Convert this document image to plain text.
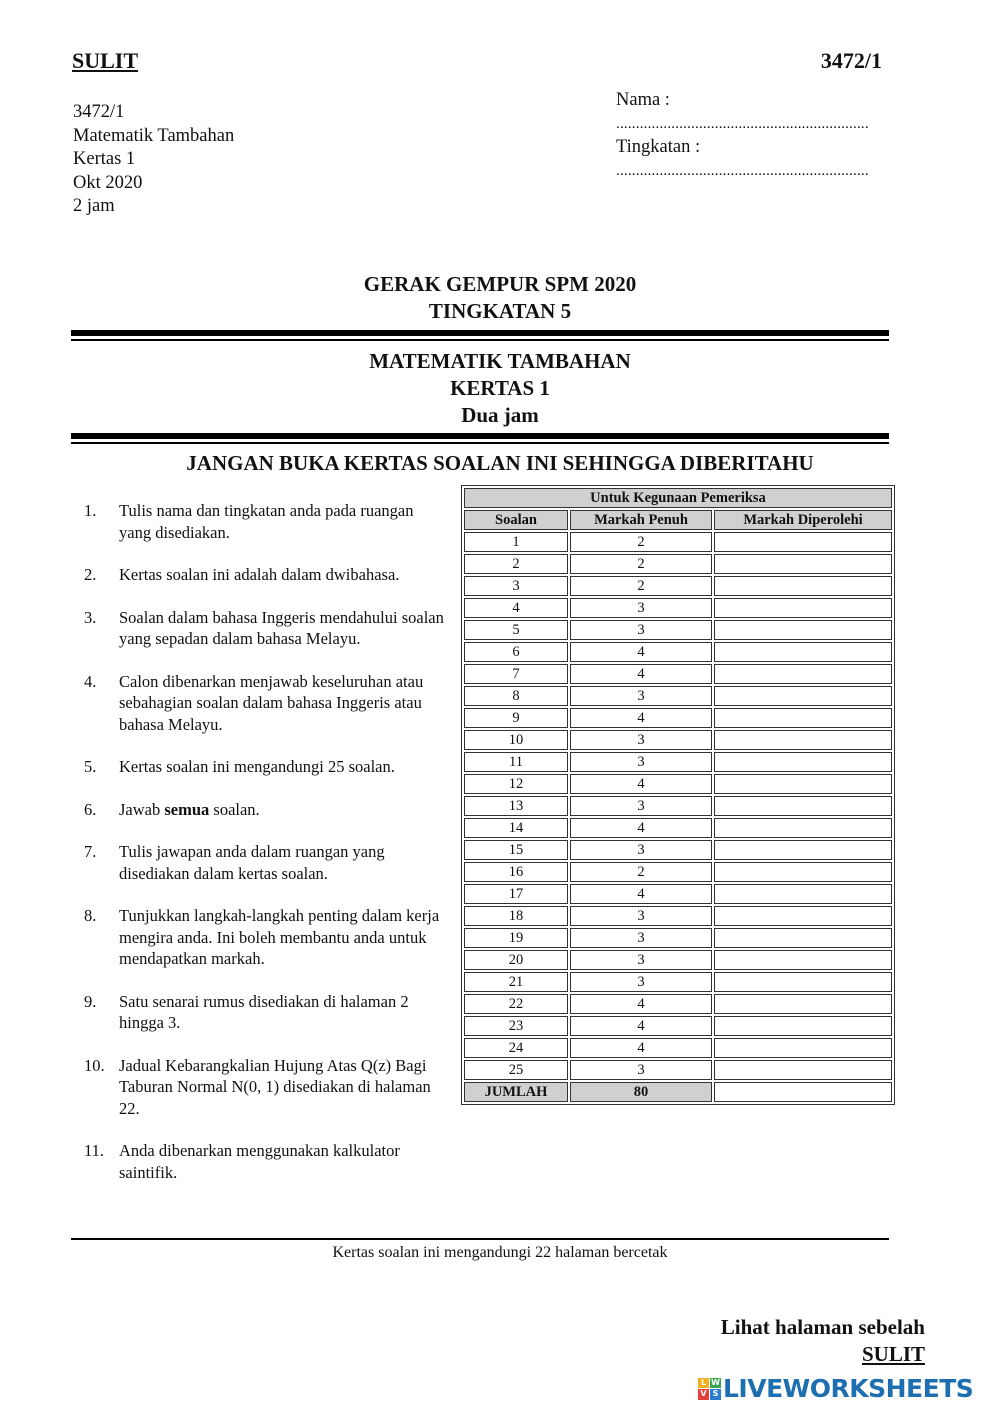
SULIT	3472/1
3472/1
Matematik Tambahan
Kertas 1
Okt 2020
2 jam
Nama :
................................................................
Tingkatan :
................................................................
GERAK GEMPUR SPM 2020
TINGKATAN 5
MATEMATIK TAMBAHAN
KERTAS 1
Dua jam
JANGAN BUKA KERTAS SOALAN INI SEHINGGA DIBERITAHU
1.	Tulis nama dan tingkatan anda pada ruangan yang disediakan.
2.	Kertas soalan ini adalah dalam dwibahasa.
3.	Soalan dalam bahasa Inggeris mendahului soalan yang sepadan dalam bahasa Melayu.
4.	Calon dibenarkan menjawab keseluruhan atau sebahagian soalan dalam bahasa Inggeris atau bahasa Melayu.
5.	Kertas soalan ini mengandungi 25 soalan.
6.	Jawab semua soalan.
7.	Tulis jawapan anda dalam ruangan yang disediakan dalam kertas soalan.
8.	Tunjukkan langkah-langkah penting dalam kerja mengira anda. Ini boleh membantu anda untuk mendapatkan markah.
9.	Satu senarai rumus disediakan di halaman 2 hingga 3.
10. Jadual Kebarangkalian Hujung Atas Q(z) Bagi Taburan Normal N(0, 1) disediakan di halaman 22.
11. Anda dibenarkan menggunakan kalkulator saintifik.
Untuk Kegunaan Pemeriksa		
Soalan	Markah Penuh	Markah Diperolehi
1	2	
2	2	
3	2	
4	3	
5	3	
6	4	
7	4	
8	3	
9	4	
10	3	
11	3	
12	4	
13	3	
14	4	
15	3	
16	2	
17	4	
18	3	
19	3	
20	3	
21	3	
22	4	
23	4	
24	4	
25	3	
JUMLAH	80	
Kertas soalan ini mengandungi 22 halaman bercetak
Lihat halaman sebelah
SULIT
L W
V S LIVEWORKSHEETS
